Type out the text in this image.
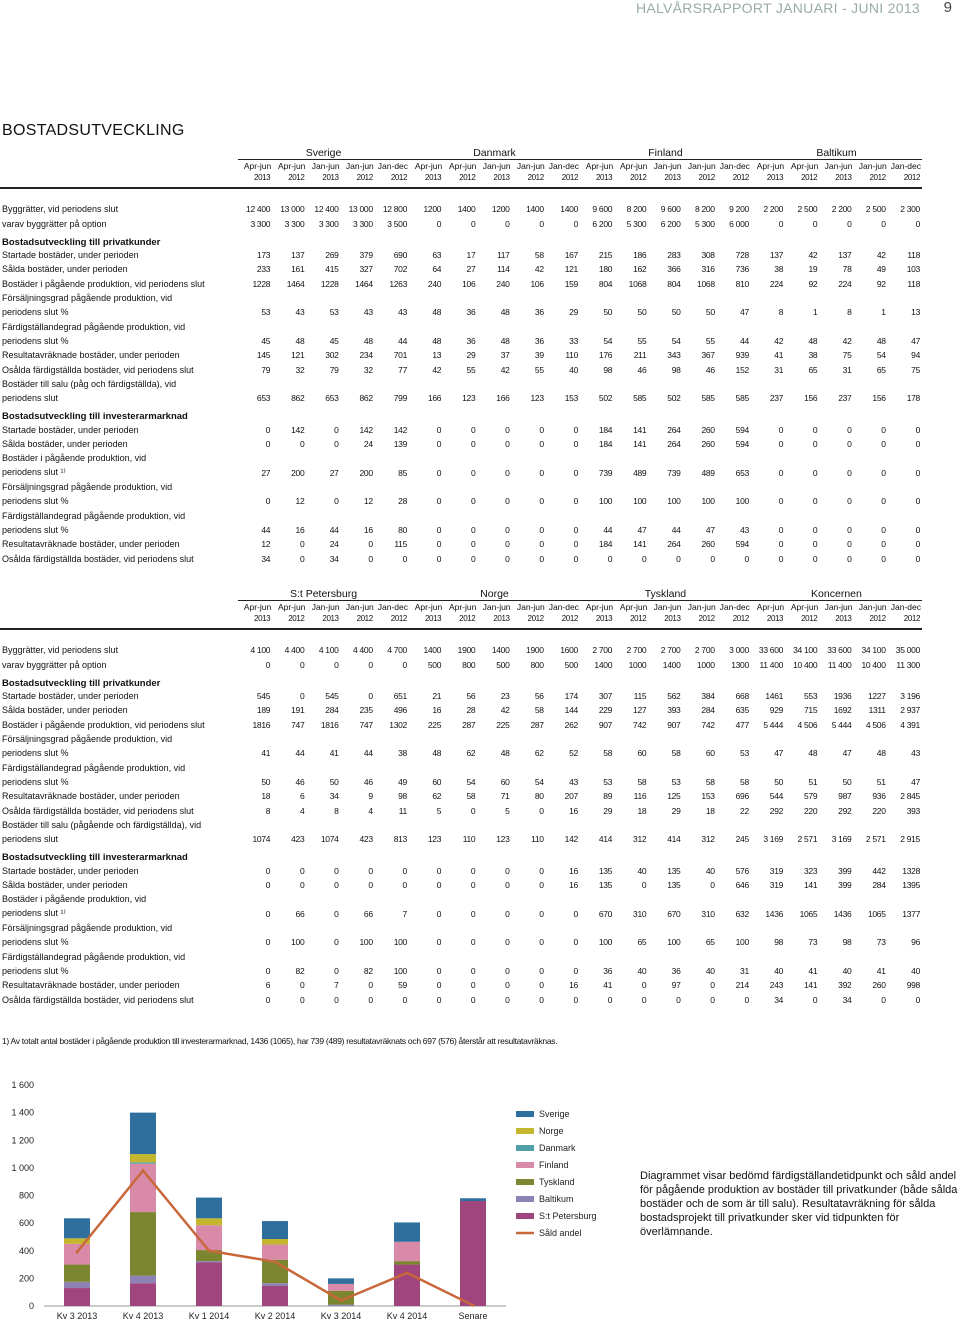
HALVÅRSRAPPORT JANUARI - JUNI 2013 9
BOSTADSUTVECKLING
	Sverige					Danmark					Finland					Baltikum				
	Apr-jun	Apr-jun	Jan-jun	Jan-jun	Jan-dec	Apr-jun	Apr-jun	Jan-jun	Jan-jun	Jan-dec	Apr-jun	Apr-jun	Jan-jun	Jan-jun	Jan-dec	Apr-jun	Apr-jun	Jan-jun	Jan-jun	Jan-dec
	2013	2012	2013	2012	2012	2013	2012	2013	2012	2012	2013	2012	2013	2012	2012	2013	2012	2013	2012	2012

Byggrätter, vid periodens slut	12 400	13 000	12 400	13 000	12 800	1200	1400	1200	1400	1400	9 600	8 200	9 600	8 200	9 200	2 200	2 500	2 200	2 500	2 300
varav byggrätter på option	3 300	3 300	3 300	3 300	3 500	0	0	0	0	0	6 200	5 300	6 200	5 300	6 000	0	0	0	0	0
Bostadsutveckling till privatkunder																				
Startade bostäder, under perioden	173	137	269	379	690	63	17	117	58	167	215	186	283	308	728	137	42	137	42	118
Sålda bostäder, under perioden	233	161	415	327	702	64	27	114	42	121	180	162	366	316	736	38	19	78	49	103
Bostäder i pågående produktion, vid periodens slut	1228	1464	1228	1464	1263	240	106	240	106	159	804	1068	804	1068	810	224	92	224	92	118
Försäljningsgrad pågående produktion, vid																				
periodens slut %	53	43	53	43	43	48	36	48	36	29	50	50	50	50	47	8	1	8	1	13
Färdigställandegrad pågående produktion, vid																				
periodens slut %	45	48	45	48	44	48	36	48	36	33	54	55	54	55	44	42	48	42	48	47
Resultatavräknade bostäder, under perioden	145	121	302	234	701	13	29	37	39	110	176	211	343	367	939	41	38	75	54	94
Osålda färdigställda bostäder, vid periodens slut	79	32	79	32	77	42	55	42	55	40	98	46	98	46	152	31	65	31	65	75
Bostäder till salu (påg och färdigställda), vid																				
periodens slut	653	862	653	862	799	166	123	166	123	153	502	585	502	585	585	237	156	237	156	178
Bostadsutveckling till investerarmarknad																				
Startade bostäder, under perioden	0	142	0	142	142	0	0	0	0	0	184	141	264	260	594	0	0	0	0	0
Sålda bostäder, under perioden	0	0	0	24	139	0	0	0	0	0	184	141	264	260	594	0	0	0	0	0
Bostäder i pågående produktion, vid																				
periodens slut ¹⁾	27	200	27	200	85	0	0	0	0	0	739	489	739	489	653	0	0	0	0	0
Försäljningsgrad pågående produktion, vid																				
periodens slut %	0	12	0	12	28	0	0	0	0	0	100	100	100	100	100	0	0	0	0	0
Färdigställandegrad pågående produktion, vid																				
periodens slut %	44	16	44	16	80	0	0	0	0	0	44	47	44	47	43	0	0	0	0	0
Resultatavräknade bostäder, under perioden	12	0	24	0	115	0	0	0	0	0	184	141	264	260	594	0	0	0	0	0
Osålda färdigställda bostäder, vid periodens slut	34	0	34	0	0	0	0	0	0	0	0	0	0	0	0	0	0	0	0	0
	S:t Petersburg					Norge					Tyskland					Koncernen				
	Apr-jun	Apr-jun	Jan-jun	Jan-jun	Jan-dec	Apr-jun	Apr-jun	Jan-jun	Jan-jun	Jan-dec	Apr-jun	Apr-jun	Jan-jun	Jan-jun	Jan-dec	Apr-jun	Apr-jun	Jan-jun	Jan-jun	Jan-dec
	2013	2012	2013	2012	2012	2013	2012	2013	2012	2012	2013	2012	2013	2012	2012	2013	2012	2013	2012	2012

Byggrätter, vid periodens slut	4 100	4 400	4 100	4 400	4 700	1400	1900	1400	1900	1600	2 700	2 700	2 700	2 700	3 000	33 600	34 100	33 600	34 100	35 000
varav byggrätter på option	0	0	0	0	0	500	800	500	800	500	1400	1000	1400	1000	1300	11 400	10 400	11 400	10 400	11 300
Bostadsutveckling till privatkunder																				
Startade bostäder, under perioden	545	0	545	0	651	21	56	23	56	174	307	115	562	384	668	1461	553	1936	1227	3 196
Sålda bostäder, under perioden	189	191	284	235	496	16	28	42	58	144	229	127	393	284	635	929	715	1692	1311	2 937
Bostäder i pågående produktion, vid periodens slut	1816	747	1816	747	1302	225	287	225	287	262	907	742	907	742	477	5 444	4 506	5 444	4 506	4 391
Försäljningsgrad pågående produktion, vid																				
periodens slut %	41	44	41	44	38	48	62	48	62	52	58	60	58	60	53	47	48	47	48	43
Färdigställandegrad pågående produktion, vid																				
periodens slut %	50	46	50	46	49	60	54	60	54	43	53	58	53	58	58	50	51	50	51	47
Resultatavräknade bostäder, under perioden	18	6	34	9	98	62	58	71	80	207	89	116	125	153	696	544	579	987	936	2 845
Osålda färdigställda bostäder, vid periodens slut	8	4	8	4	11	5	0	5	0	16	29	18	29	18	22	292	220	292	220	393
Bostäder till salu (pågående och färdigställda), vid																				
periodens slut	1074	423	1074	423	813	123	110	123	110	142	414	312	414	312	245	3 169	2 571	3 169	2 571	2 915
Bostadsutveckling till investerarmarknad																				
Startade bostäder, under perioden	0	0	0	0	0	0	0	0	0	16	135	40	135	40	576	319	323	399	442	1328
Sålda bostäder, under perioden	0	0	0	0	0	0	0	0	0	16	135	0	135	0	646	319	141	399	284	1395
Bostäder i pågående produktion, vid																				
periodens slut ¹⁾	0	66	0	66	7	0	0	0	0	0	670	310	670	310	632	1436	1065	1436	1065	1377
Försäljningsgrad pågående produktion, vid																				
periodens slut %	0	100	0	100	100	0	0	0	0	0	100	65	100	65	100	98	73	98	73	96
Färdigställandegrad pågående produktion, vid																				
periodens slut %	0	82	0	82	100	0	0	0	0	0	36	40	36	40	31	40	41	40	41	40
Resultatavräknade bostäder, under perioden	6	0	7	0	59	0	0	0	0	16	41	0	97	0	214	243	141	392	260	998
Osålda färdigställda bostäder, vid periodens slut	0	0	0	0	0	0	0	0	0	0	0	0	0	0	0	34	0	34	0	0
1) Av totalt antal bostäder i pågående produktion till investerarmarknad, 1436 (1065), har 739 (489) resultatavräknats och 697 (576) återstår att resultatavräknas.
0
200
400
600
800
1 000
1 200
1 400
1 600
Kv 3 2013	Kv 4 2013	Kv 1 2014	Kv 2 2014	Kv 3 2014	Kv 4 2014	Senare
Sverige
Norge
Danmark
Finland
Tyskland
Baltikum
S:t Petersburg
Såld andel
Diagrammet visar bedömd färdigställandetidpunkt och såld andel för pågående produktion av bostäder till privatkunder (både sålda bostäder och de som är till salu). Resultatavräkning för sålda bostadsprojekt till privatkunder sker vid tidpunkten för överlämnande.
